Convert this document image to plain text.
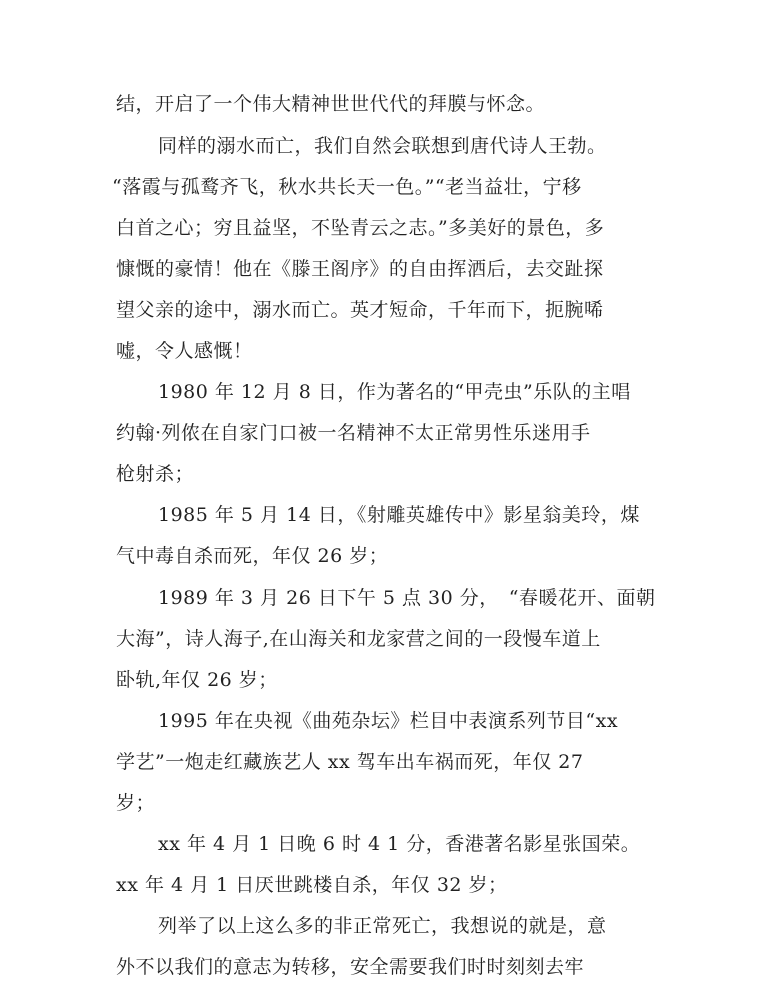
结，开启了一个伟大精神世世代代的拜膜与怀念。
同样的溺水而亡，我们自然会联想到唐代诗人王勃。
“落霞与孤鹜齐飞，秋水共长天一色。”“老当益壮，宁移
白首之心；穷且益坚，不坠青云之志。”多美好的景色，多
慷慨的豪情！他在《滕王阁序》的自由挥洒后，去交趾探
望父亲的途中，溺水而亡。英才短命，千年而下，扼腕唏
嘘，令人感慨！
1980 年 12 月 8 日，作为著名的“甲壳虫”乐队的主唱
约翰·列侬在自家门口被一名精神不太正常男性乐迷用手
枪射杀；
1985 年 5 月 14 日，《射雕英雄传中》影星翁美玲，煤
气中毒自杀而死，年仅 26 岁；
1989 年 3 月 26 日下午 5 点 30 分，　“春暖花开、面朝
大海”，诗人海子,在山海关和龙家营之间的一段慢车道上
卧轨,年仅 26 岁；
1995 年在央视《曲苑杂坛》栏目中表演系列节目“xx
学艺”一炮走红藏族艺人 xx 驾车出车祸而死，年仅 27
岁；
xx 年 4 月 1 日晚 6 时 4 1 分，香港著名影星张国荣。
xx 年 4 月 1 日厌世跳楼自杀，年仅 32 岁；
列举了以上这么多的非正常死亡，我想说的就是，意
外不以我们的意志为转移，安全需要我们时时刻刻去牢
